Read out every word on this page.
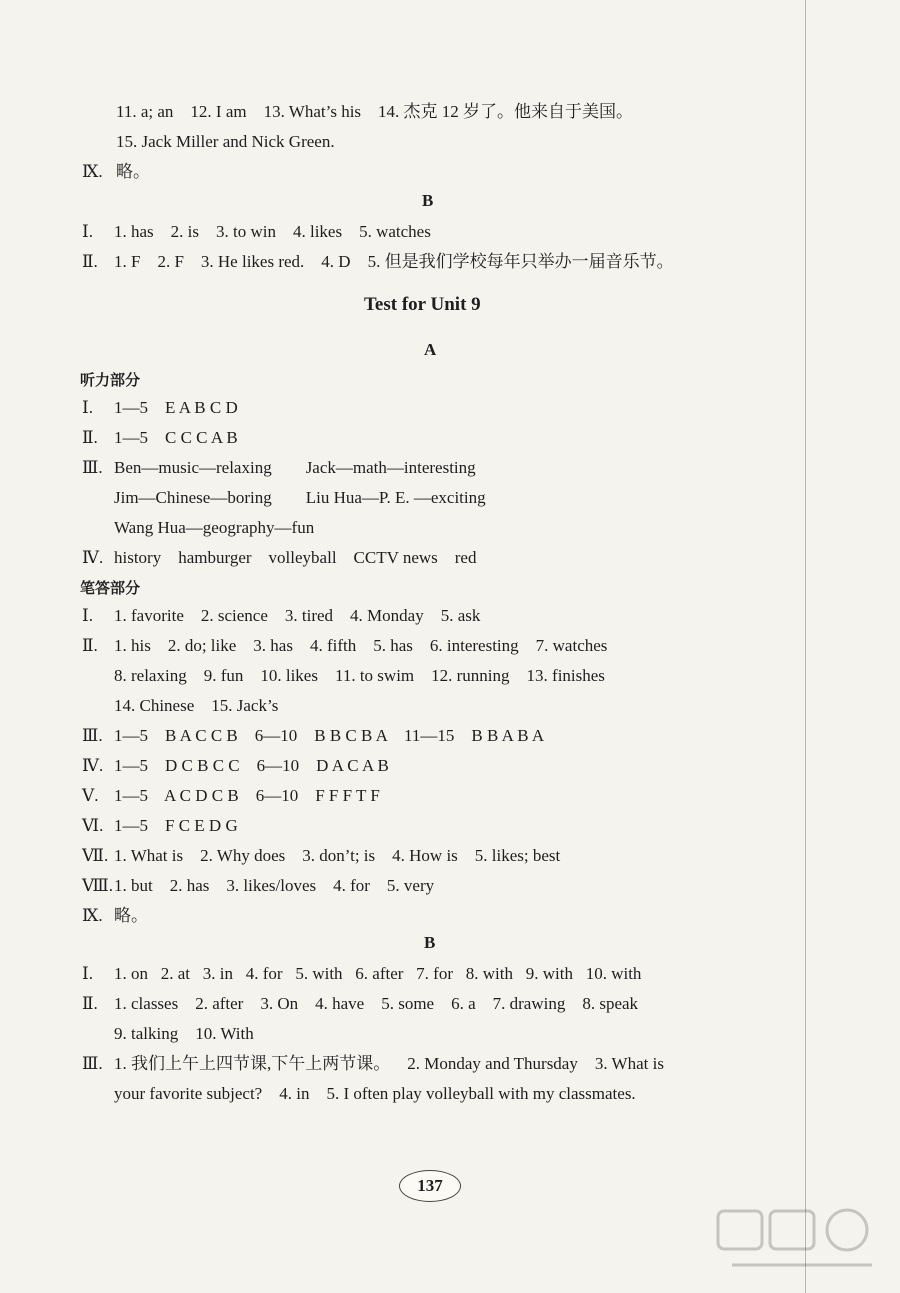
11. a; an    12. I am    13. What’s his    14. 杰克 12 岁了。他来自于美国。
15. Jack Miller and Nick Green.
Ⅸ. 略。
B
Ⅰ. 1. has    2. is    3. to win    4. likes    5. watches
Ⅱ. 1. F    2. F    3. He likes red.    4. D    5. 但是我们学校每年只举办一届音乐节。
Test for Unit 9
A
听力部分
Ⅰ. 1—5    E A B C D
Ⅱ. 1—5    C C C A B
Ⅲ. Ben—music—relaxing        Jack—math—interesting
Jim—Chinese—boring        Liu Hua—P. E. —exciting
Wang Hua—geography—fun
Ⅳ. history    hamburger    volleyball    CCTV news    red
笔答部分
Ⅰ. 1. favorite    2. science    3. tired    4. Monday    5. ask
Ⅱ. 1. his    2. do; like    3. has    4. fifth    5. has    6. interesting    7. watches
8. relaxing    9. fun    10. likes    11. to swim    12. running    13. finishes
14. Chinese    15. Jack’s
Ⅲ. 1—5    B A C C B    6—10    B B C B A    11—15    B B A B A
Ⅳ. 1—5    D C B C C    6—10    D A C A B
Ⅴ. 1—5    A C D C B    6—10    F F F T F
Ⅵ. 1—5    F C E D G
Ⅶ. 1. What is    2. Why does    3. don’t; is    4. How is    5. likes; best
Ⅷ. 1. but    2. has    3. likes/loves    4. for    5. very
Ⅸ. 略。
B
Ⅰ. 1. on   2. at   3. in   4. for   5. with   6. after   7. for   8. with   9. with   10. with
Ⅱ. 1. classes    2. after    3. On    4. have    5. some    6. a    7. drawing    8. speak
9. talking    10. With
Ⅲ. 1. 我们上午上四节课,下午上两节课。    2. Monday and Thursday    3. What is
your favorite subject?    4. in    5. I often play volleyball with my classmates.
137
